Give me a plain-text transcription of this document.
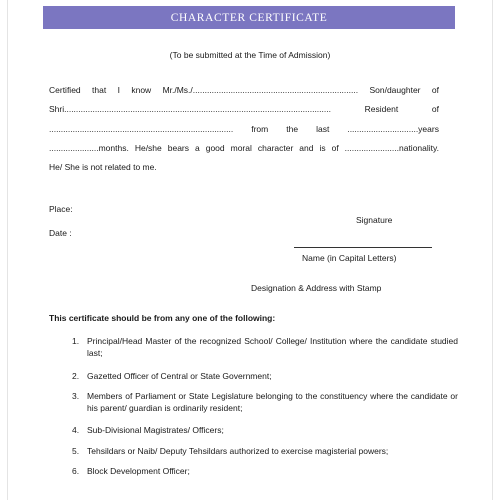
CHARACTER CERTIFICATE
(To be submitted at the Time of Admission)
Certified that I know Mr./Ms./...................................................................... Son/daughter of
Shri.................................................................................................................	Resident	of
.............................................................................. from the last ..............................years
.....................months. He/she bears a good moral character and is of .......................nationality.
He/ She is not related to me.
Place:
Date :
Signature
Name (in Capital Letters)
Designation & Address with Stamp
This certificate should be from any one of the following:
1. Principal/Head Master of the recognized School/ College/ Institution where the candidate studied last;
2. Gazetted Officer of Central or State Government;
3. Members of Parliament or State Legislature belonging to the constituency where the candidate or his parent/ guardian is ordinarily resident;
4. Sub-Divisional Magistrates/ Officers;
5. Tehsildars or Naib/ Deputy Tehsildars authorized to exercise magisterial powers;
6. Block Development Officer;
